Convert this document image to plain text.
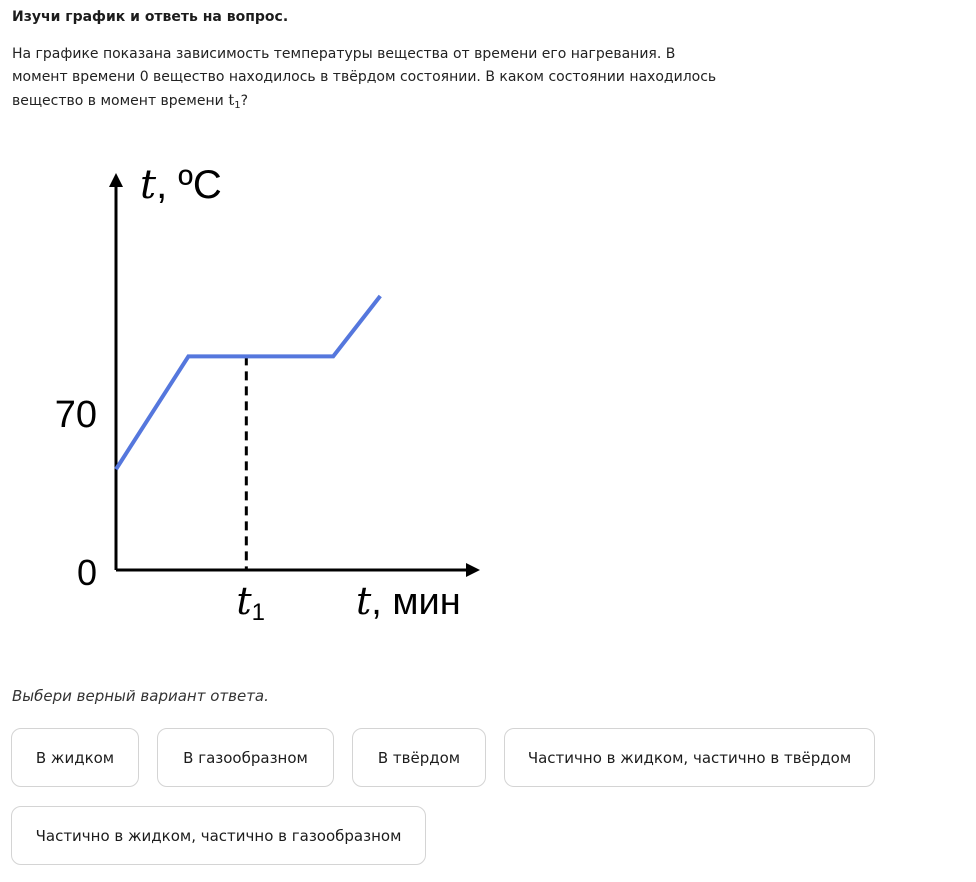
Изучи график и ответь на вопрос.

На графике показана зависимость температуры вещества от времени его нагревания. В момент времени 0 вещество находилось в твёрдом состоянии. В каком состоянии находилось вещество в момент времени $t_1$?

70
0
t, ºC
t, мин
t1

Выбери верный вариант ответа.

В жидком	В газообразном	В твёрдом	Частично в жидком, частично в твёрдом
Частично в жидком, частично в газообразном
